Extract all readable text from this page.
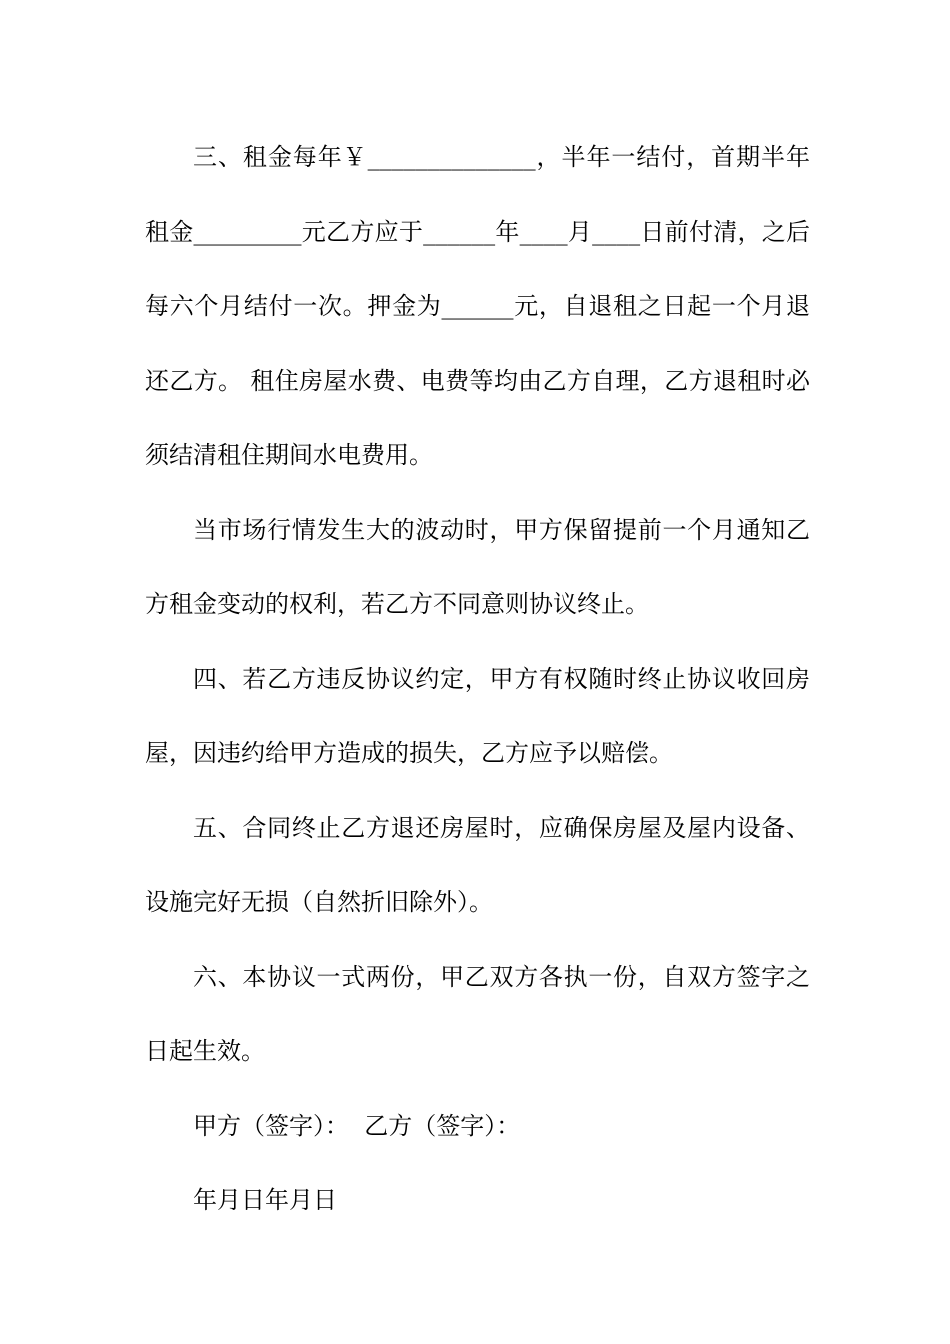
三、租金每年￥______________，半年一结付，首期半年租金_________元乙方应于______年____月____日前付清，之后每六个月结付一次。押金为______元，自退租之日起一个月退还乙方。 租住房屋水费、电费等均由乙方自理，乙方退租时必须结清租住期间水电费用。

当市场行情发生大的波动时，甲方保留提前一个月通知乙方租金变动的权利，若乙方不同意则协议终止。

四、若乙方违反协议约定，甲方有权随时终止协议收回房屋，因违约给甲方造成的损失，乙方应予以赔偿。

五、合同终止乙方退还房屋时，应确保房屋及屋内设备、设施完好无损（自然折旧除外）。

六、本协议一式两份，甲乙双方各执一份，自双方签字之日起生效。

甲方（签字）：  乙方（签字）：

年月日年月日
